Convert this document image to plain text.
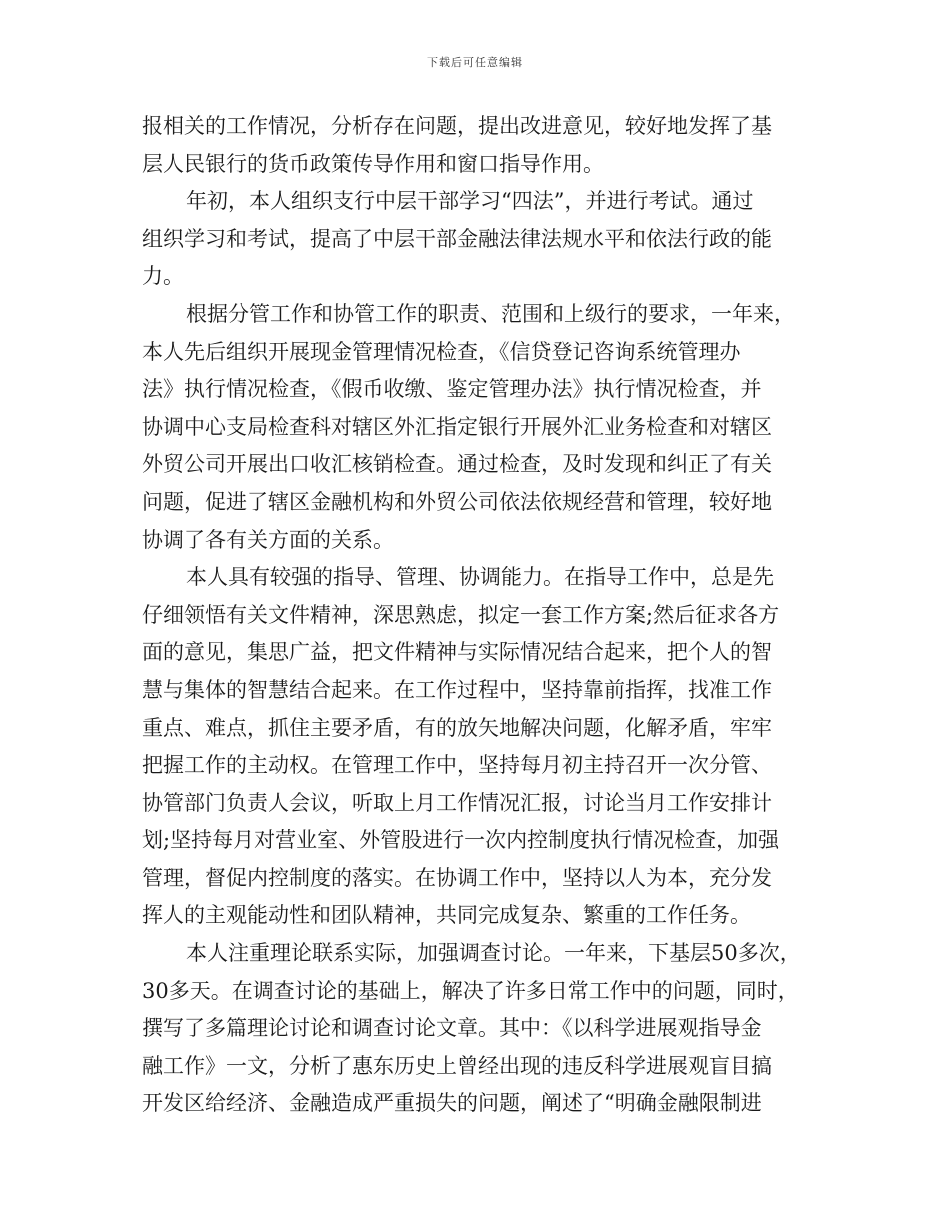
下载后可任意编辑
报相关的工作情况，分析存在问题，提出改进意见，较好地发挥了基
层人民银行的货币政策传导作用和窗口指导作用。
年初，本人组织支行中层干部学习“四法”，并进行考试。通过
组织学习和考试，提高了中层干部金融法律法规水平和依法行政的能
力。
根据分管工作和协管工作的职责、范围和上级行的要求，一年来，
本人先后组织开展现金管理情况检查，《信贷登记咨询系统管理办
法》执行情况检查，《假币收缴、鉴定管理办法》执行情况检查，并
协调中心支局检查科对辖区外汇指定银行开展外汇业务检查和对辖区
外贸公司开展出口收汇核销检查。通过检查，及时发现和纠正了有关
问题，促进了辖区金融机构和外贸公司依法依规经营和管理，较好地
协调了各有关方面的关系。
本人具有较强的指导、管理、协调能力。在指导工作中，总是先
仔细领悟有关文件精神，深思熟虑，拟定一套工作方案;然后征求各方
面的意见，集思广益，把文件精神与实际情况结合起来，把个人的智
慧与集体的智慧结合起来。在工作过程中，坚持靠前指挥，找准工作
重点、难点，抓住主要矛盾，有的放矢地解决问题，化解矛盾，牢牢
把握工作的主动权。在管理工作中，坚持每月初主持召开一次分管、
协管部门负责人会议，听取上月工作情况汇报，讨论当月工作安排计
划;坚持每月对营业室、外管股进行一次内控制度执行情况检查，加强
管理，督促内控制度的落实。在协调工作中，坚持以人为本，充分发
挥人的主观能动性和团队精神，共同完成复杂、繁重的工作任务。
本人注重理论联系实际，加强调查讨论。一年来，下基层50多次，
30多天。在调查讨论的基础上，解决了许多日常工作中的问题，同时，
撰写了多篇理论讨论和调查讨论文章。其中：《以科学进展观指导金
融工作》一文，分析了惠东历史上曾经出现的违反科学进展观盲目搞
开发区给经济、金融造成严重损失的问题，阐述了“明确金融限制进
